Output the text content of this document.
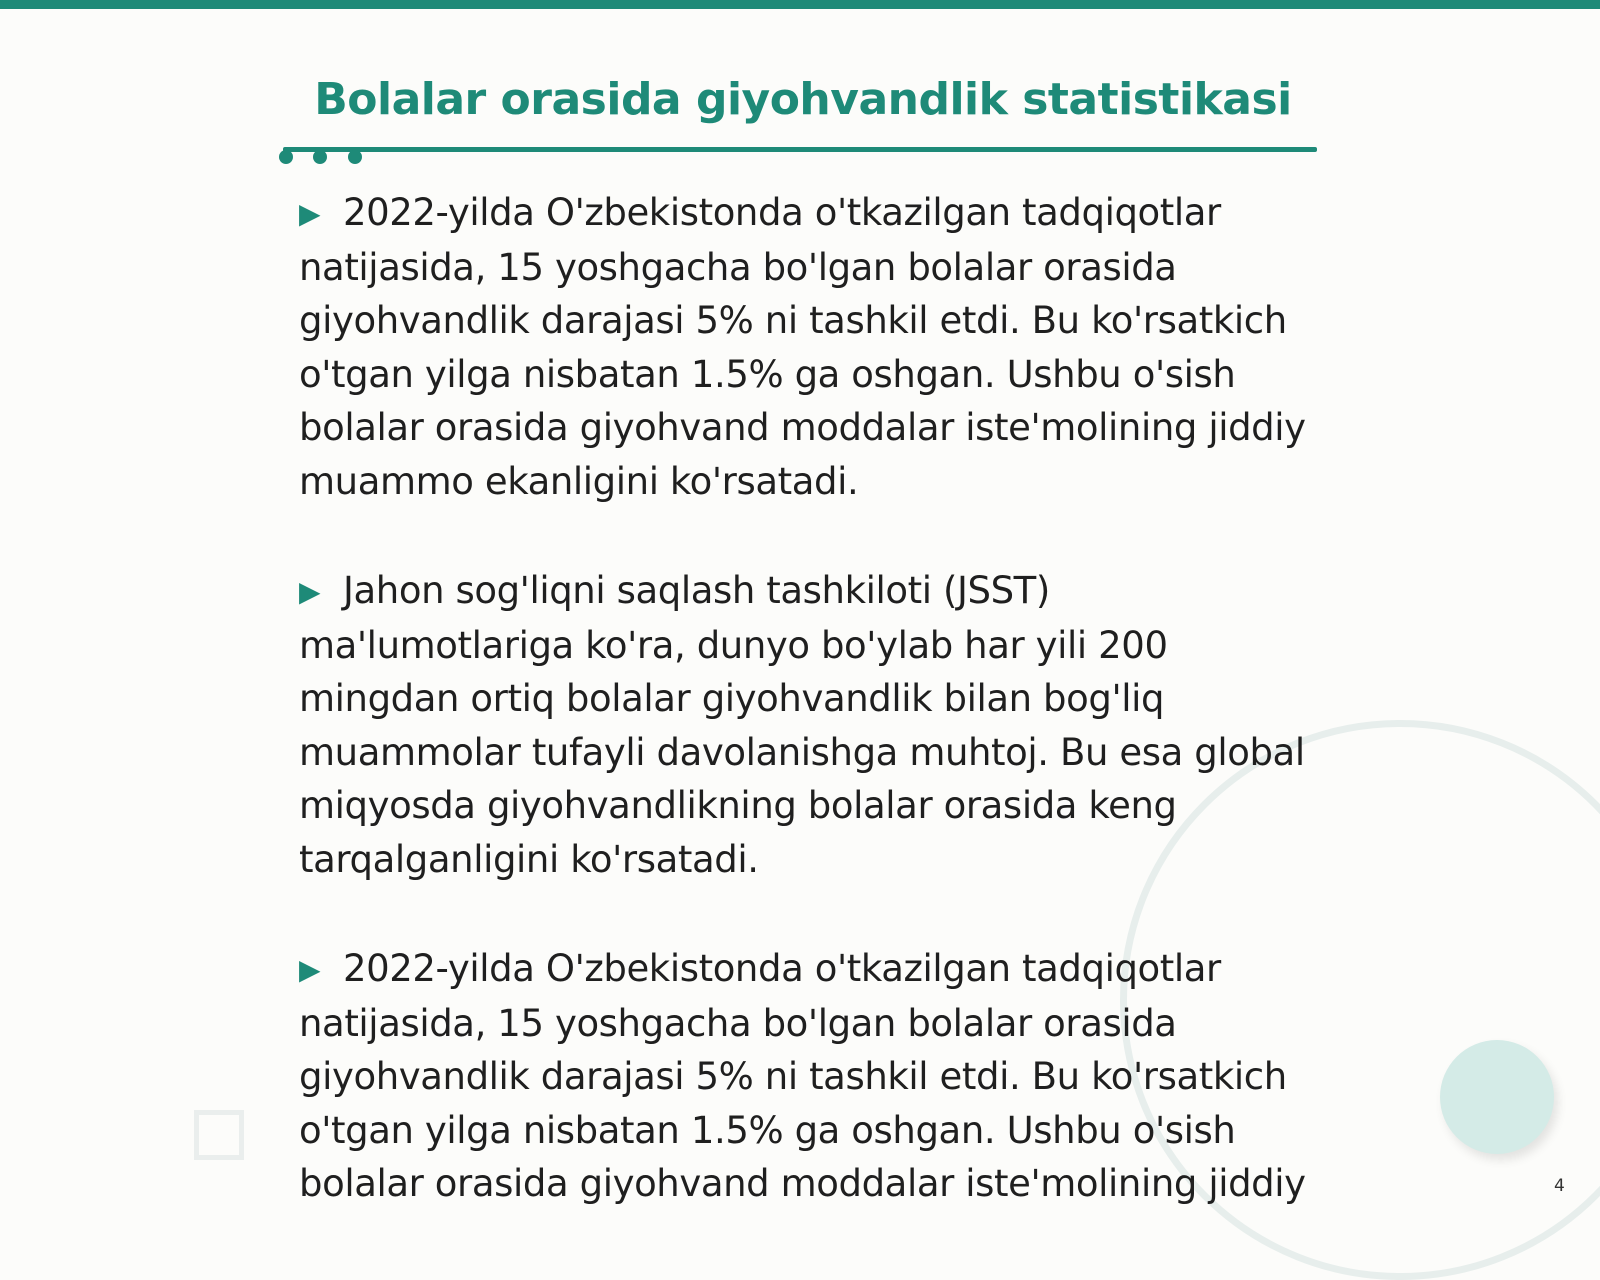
Bolalar orasida giyohvandlik statistikasi

▶ 2022-yilda O'zbekistonda o'tkazilgan tadqiqotlar natijasida, 15 yoshgacha bo'lgan bolalar orasida giyohvandlik darajasi 5% ni tashkil etdi. Bu ko'rsatkich o'tgan yilga nisbatan 1.5% ga oshgan. Ushbu o'sish bolalar orasida giyohvand moddalar iste'molining jiddiy muammo ekanligini ko'rsatadi.

▶ Jahon sog'liqni saqlash tashkiloti (JSST) ma'lumotlariga ko'ra, dunyo bo'ylab har yili 200 mingdan ortiq bolalar giyohvandlik bilan bog'liq muammolar tufayli davolanishga muhtoj. Bu esa global miqyosda giyohvandlikning bolalar orasida keng tarqalganligini ko'rsatadi.

▶ 2022-yilda O'zbekistonda o'tkazilgan tadqiqotlar natijasida, 15 yoshgacha bo'lgan bolalar orasida giyohvandlik darajasi 5% ni tashkil etdi. Bu ko'rsatkich o'tgan yilga nisbatan 1.5% ga oshgan. Ushbu o'sish bolalar orasida giyohvand moddalar iste'molining jiddiy	4
